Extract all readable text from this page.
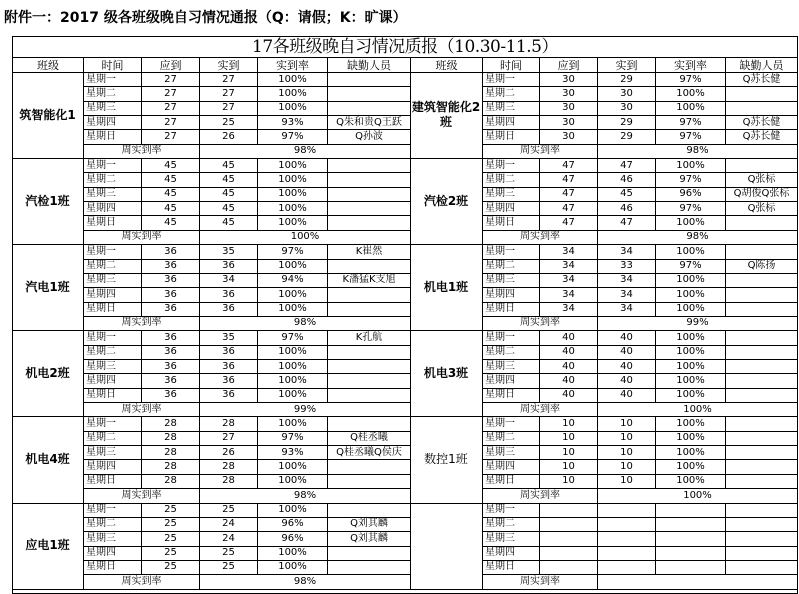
附件一：2017 级各班级晚自习情况通报（Q：请假；K：旷课）
17各班级晚自习情况质报（10.30-11.5）
班级	时间	应到	实到	实到率	缺勤人员	班级	时间	应到	实到	实到率	缺勤人员
筑智能化1
星期一	27	27	100%
星期二	27	27	100%
星期三	27	27	100%
星期四	27	25	93%	Q朱和贵Q王跃
星期日	27	26	97%	Q孙波
周实到率	98%
汽检1班
星期一	45	45	100%
星期二	45	45	100%
星期三	45	45	100%
星期四	45	45	100%
星期日	45	45	100%
周实到率	100%
汽电1班
星期一	36	35	97%	K崔然
星期二	36	36	100%
星期三	36	34	94%	K潘猛K支旭
星期四	36	36	100%
星期日	36	36	100%
周实到率	98%
机电2班
星期一	36	35	97%	K孔航
星期二	36	36	100%
星期三	36	36	100%
星期四	36	36	100%
星期日	36	36	100%
周实到率	99%
机电4班
星期一	28	28	100%
星期二	28	27	97%	Q桂丞曦
星期三	28	26	93%	Q桂丞曦Q侯庆
星期四	28	28	100%
星期日	28	28	100%
周实到率	98%
应电1班
星期一	25	25	100%
星期二	25	24	96%	Q刘其麟
星期三	25	24	96%	Q刘其麟
星期四	25	25	100%
星期日	25	25	100%
周实到率	98%
建筑智能化2班
星期一	30	29	97%	Q苏长健
星期二	30	30	100%
星期三	30	30	100%
星期四	30	29	97%	Q苏长健
星期日	30	29	97%	Q苏长健
周实到率	98%
汽检2班
星期一	47	47	100%
星期二	47	46	97%	Q张标
星期三	47	45	96%	Q胡俊Q张标
星期四	47	46	97%	Q张标
星期日	47	47	100%
周实到率	98%
机电1班
星期一	34	34	100%
星期二	34	33	97%	Q陈扬
星期三	34	34	100%
星期四	34	34	100%
星期日	34	34	100%
周实到率	99%
机电3班
星期一	40	40	100%
星期二	40	40	100%
星期三	40	40	100%
星期四	40	40	100%
星期日	40	40	100%
周实到率	100%
数控1班
星期一	10	10	100%
星期二	10	10	100%
星期三	10	10	100%
星期四	10	10	100%
星期日	10	10	100%
周实到率	100%
星期一
星期二
星期三
星期四
星期日
周实到率
